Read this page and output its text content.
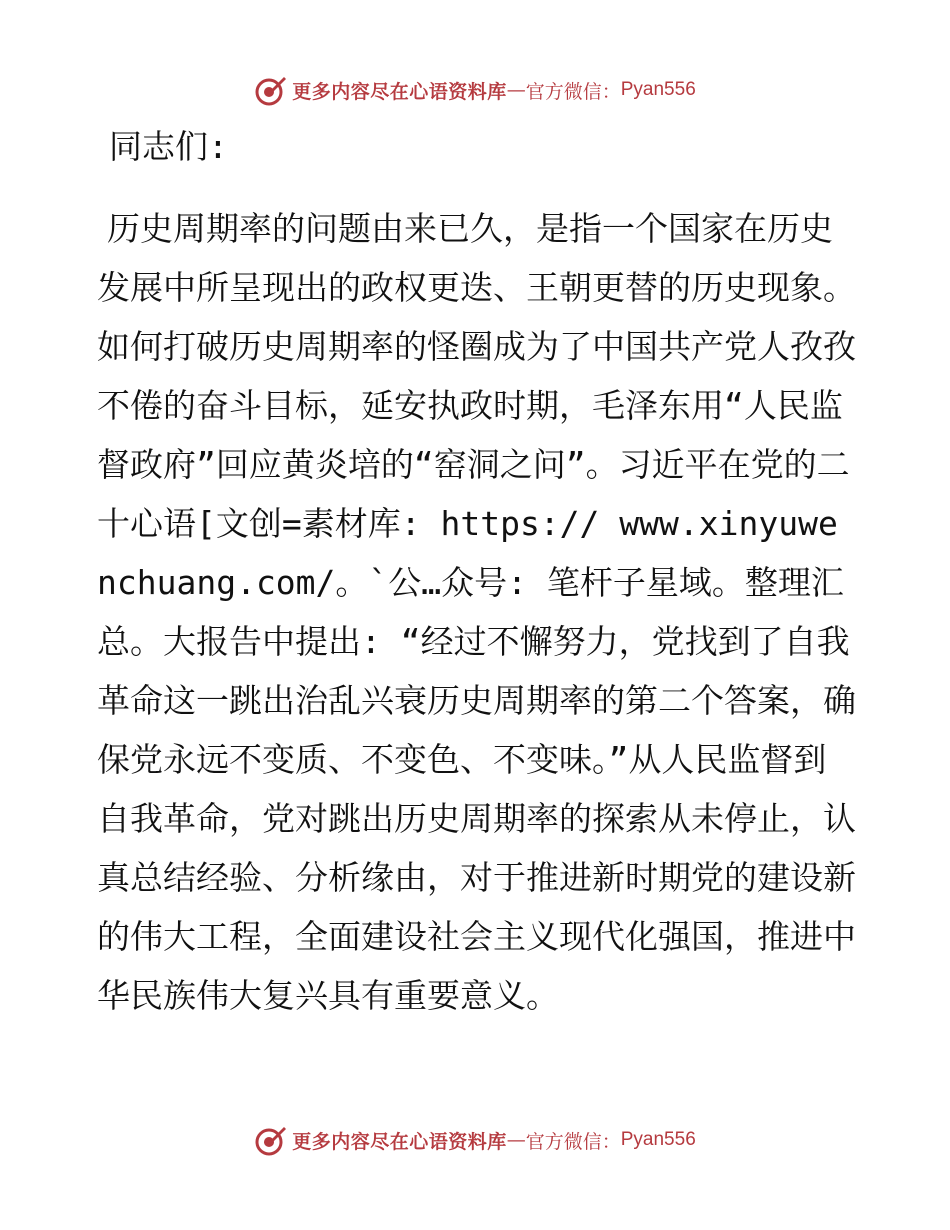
更多内容尽在心语资料库 — 官方微信： Pyan556

同志们:

历史周期率的问题由来已久，是指一个国家在历史发展中所呈现出的政权更迭、王朝更替的历史现象。如何打破历史周期率的怪圈成为了中国共产党人孜孜不倦的奋斗目标，延安执政时期，毛泽东用“人民监督政府”回应黄炎培的“窑洞之问”。习近平在党的二十心语[文创=素材库: https:// www.xinyuwenchuang.com/。`公…众号: 笔杆子星域。整理汇总。大报告中提出: “经过不懈努力，党找到了自我革命这一跳出治乱兴衰历史周期率的第二个答案，确保党永远不变质、不变色、不变味。”从人民监督到自我革命，党对跳出历史周期率的探索从未停止，认真总结经验、分析缘由，对于推进新时期党的建设新的伟大工程，全面建设社会主义现代化强国，推进中华民族伟大复兴具有重要意义。

更多内容尽在心语资料库 — 官方微信： Pyan556
